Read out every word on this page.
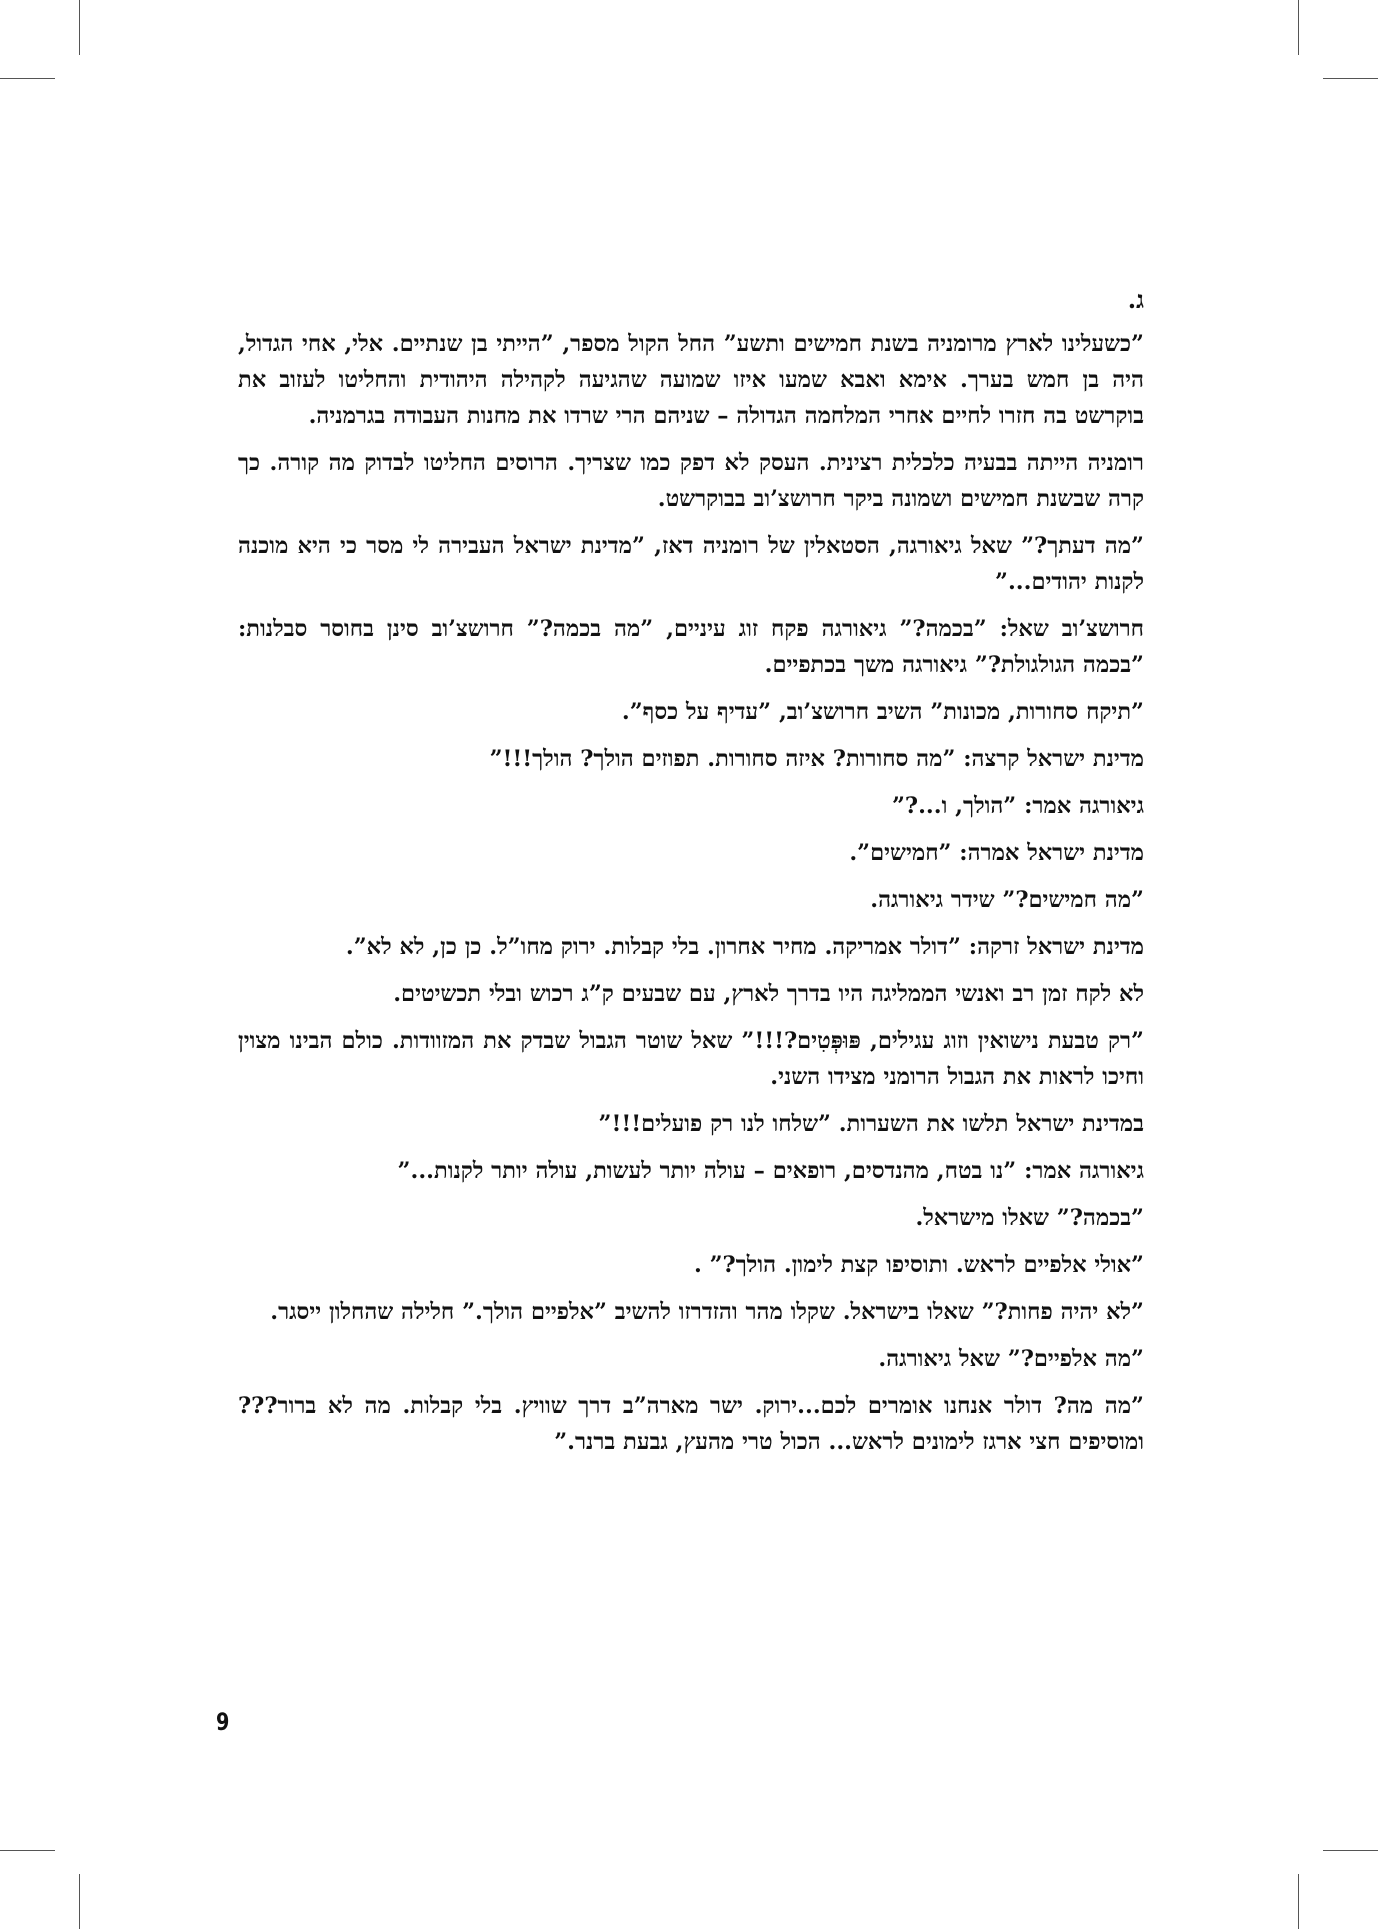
ג.

”כשעלינו לארץ מרומניה בשנת חמישים ותשע” החל הקול מספר, ”הייתי בן שנתיים. אלי, אחי הגדול, היה בן חמש בערך. אימא ואבא שמעו איזו שמועה שהגיעה לקהילה היהודית והחליטו לעזוב את בוקרשט בה חזרו לחיים אחרי המלחמה הגדולה – שניהם הרי שרדו את מחנות העבודה בגרמניה.

רומניה הייתה בבעיה כלכלית רצינית. העסק לא דפק כמו שצריך. הרוסים החליטו לבדוק מה קורה. כך קרה שבשנת חמישים ושמונה ביקר חרושצ’וב בבוקרשט.

”מה דעתך?” שאל גיאורגה, הסטאלין של רומניה דאז, ”מדינת ישראל העבירה לי מסר כי היא מוכנה לקנות יהודים...”

חרושצ’וב שאל: ”בכמה?” גיאורגה פקח זוג עיניים, ”מה בכמה?” חרושצ’וב סינן בחוסר סבלנות: ”בכמה הגולגולת?” גיאורגה משך בכתפיים.

”תיקח סחורות, מכונות” השיב חרושצ’וב, ”עדיף על כסף”.

מדינת ישראל קרצה: ”מה סחורות? איזה סחורות. תפוזים הולך? הולך!!!”

גיאורגה אמר: ”הולך, ו...?”

מדינת ישראל אמרה: ”חמישים”.

”מה חמישים?” שידר גיאורגה.

מדינת ישראל זרקה: ”דולר אמריקה. מחיר אחרון. בלי קבלות. ירוק מחו”ל. כן כן, לא לא”.

לא לקח זמן רב ואנשי הממליגה היו בדרך לארץ, עם שבעים ק”ג רכוש ובלי תכשיטים.

”רק טבעת נישואין וזוג עגילים, פּוּפְּטִים?!!!” שאל שוטר הגבול שבדק את המזוודות. כולם הבינו מצוין וחיכו לראות את הגבול הרומני מצידו השני.

במדינת ישראל תלשו את השערות. ”שלחו לנו רק פועלים!!!”

גיאורגה אמר: ”נו בטח, מהנדסים, רופאים – עולה יותר לעשות, עולה יותר לקנות...”

”בכמה?” שאלו מישראל.

”אולי אלפיים לראש. ותוסיפו קצת לימון. הולך?” .

”לא יהיה פחות?” שאלו בישראל. שקלו מהר והזדרזו להשיב ”אלפיים הולך.” חלילה שהחלון ייסגר.

”מה אלפיים?” שאל גיאורגה.

”מה מה? דולר אנחנו אומרים לכם...ירוק. ישר מארה”ב דרך שוויץ. בלי קבלות. מה לא ברור??? ומוסיפים חצי ארגז לימונים לראש... הכול טרי מהעץ, גבעת ברנר.”

9
